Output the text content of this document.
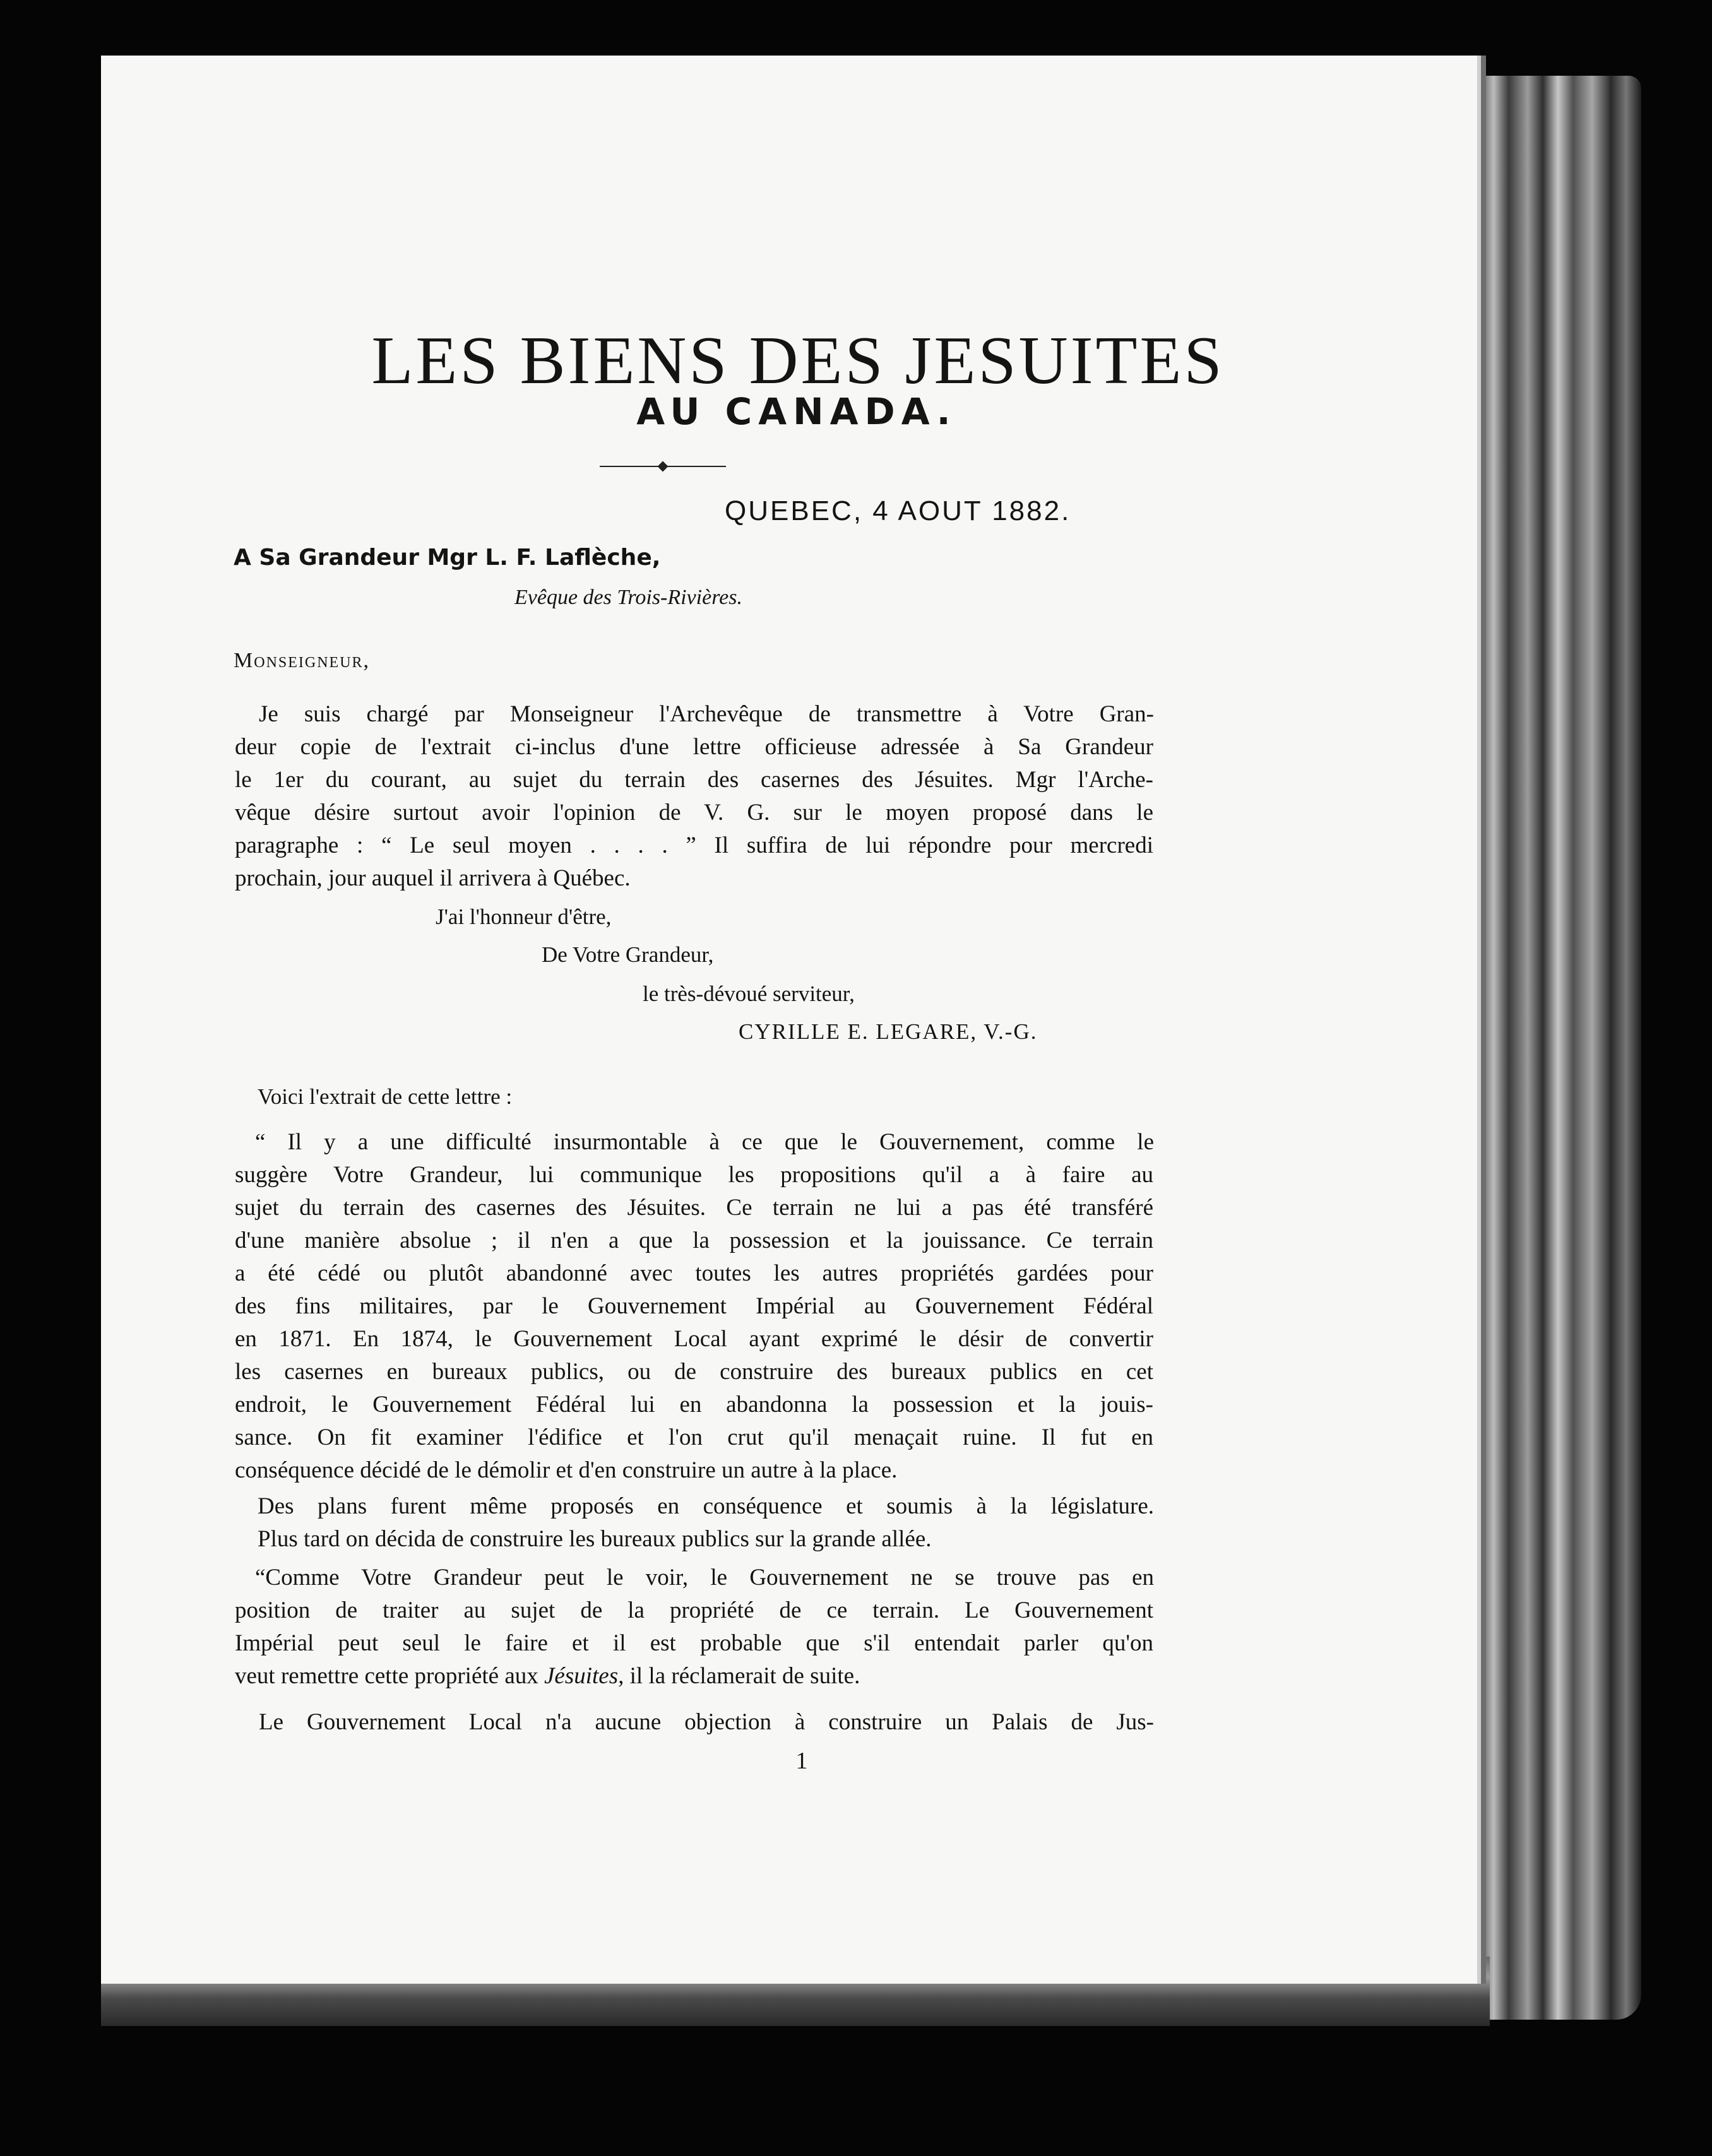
LES BIENS DES JESUITES
AU CANADA.
QUEBEC, 4 AOUT 1882.
A Sa Grandeur Mgr L. F. Laflèche,
Evêque des Trois-Rivières.
Monseigneur,
Je suis chargé par Monseigneur l'Archevêque de transmettre à Votre Gran-
deur copie de l'extrait ci-inclus d'une lettre officieuse adressée à Sa Grandeur
le 1er du courant, au sujet du terrain des casernes des Jésuites. Mgr l'Arche-
vêque désire surtout avoir l'opinion de V. G. sur le moyen proposé dans le
paragraphe : “ Le seul moyen . . . . ” Il suffira de lui répondre pour mercredi
prochain, jour auquel il arrivera à Québec.
J'ai l'honneur d'être,
De Votre Grandeur,
le très-dévoué serviteur,
CYRILLE E. LEGARE, V.-G.
Voici l'extrait de cette lettre :
“ Il y a une difficulté insurmontable à ce que le Gouvernement, comme le
suggère Votre Grandeur, lui communique les propositions qu'il a à faire au
sujet du terrain des casernes des Jésuites. Ce terrain ne lui a pas été transféré
d'une manière absolue ; il n'en a que la possession et la jouissance. Ce terrain
a été cédé ou plutôt abandonné avec toutes les autres propriétés gardées pour
des fins militaires, par le Gouvernement Impérial au Gouvernement Fédéral
en 1871. En 1874, le Gouvernement Local ayant exprimé le désir de convertir
les casernes en bureaux publics, ou de construire des bureaux publics en cet
endroit, le Gouvernement Fédéral lui en abandonna la possession et la jouis-
sance. On fit examiner l'édifice et l'on crut qu'il menaçait ruine. Il fut en
conséquence décidé de le démolir et d'en construire un autre à la place.
Des plans furent même proposés en conséquence et soumis à la législature.
Plus tard on décida de construire les bureaux publics sur la grande allée.
“Comme Votre Grandeur peut le voir, le Gouvernement ne se trouve pas en
position de traiter au sujet de la propriété de ce terrain. Le Gouvernement
Impérial peut seul le faire et il est probable que s'il entendait parler qu'on
veut remettre cette propriété aux Jésuites, il la réclamerait de suite.
Le Gouvernement Local n'a aucune objection à construire un Palais de Jus-
1
